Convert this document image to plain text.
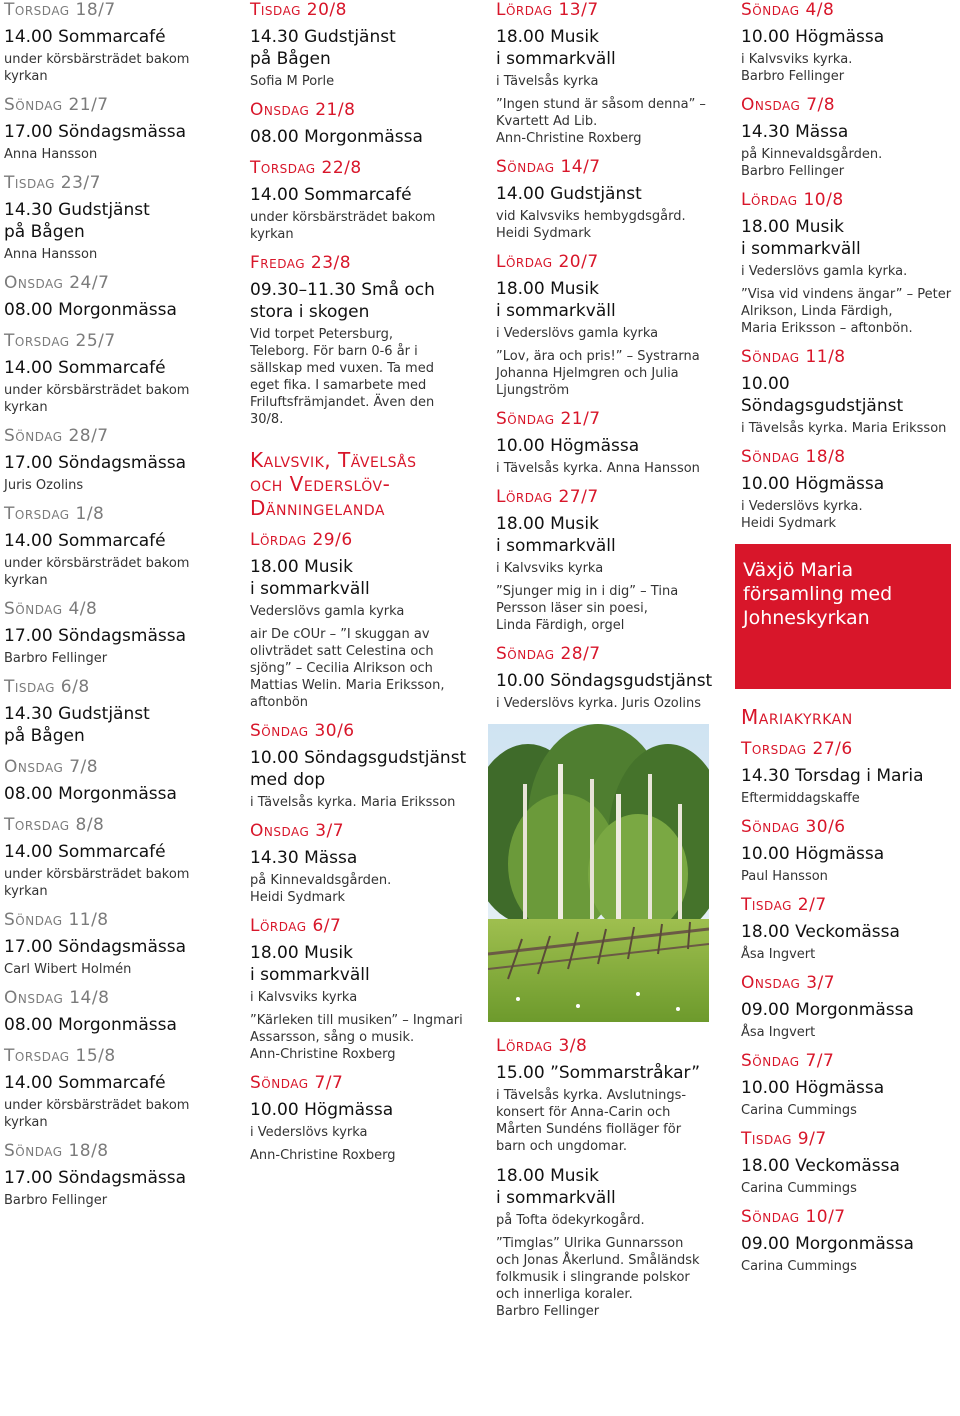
Torsdag 18/7
14.00 Sommarcafé
under körsbärsträdet bakom
kyrkan
Söndag 21/7
17.00 Söndagsmässa
Anna Hansson
Tisdag 23/7
14.30 Gudstjänst
på Bågen
Anna Hansson
Onsdag 24/7
08.00 Morgonmässa
Torsdag 25/7
14.00 Sommarcafé
under körsbärsträdet bakom
kyrkan
Söndag 28/7
17.00 Söndagsmässa
Juris Ozolins
Torsdag 1/8
14.00 Sommarcafé
under körsbärsträdet bakom
kyrkan
Söndag 4/8
17.00 Söndagsmässa
Barbro Fellinger
Tisdag 6/8
14.30 Gudstjänst
på Bågen
Onsdag 7/8
08.00 Morgonmässa
Torsdag 8/8
14.00 Sommarcafé
under körsbärsträdet bakom
kyrkan
Söndag 11/8
17.00 Söndagsmässa
Carl Wibert Holmén
Onsdag 14/8
08.00 Morgonmässa
Torsdag 15/8
14.00 Sommarcafé
under körsbärsträdet bakom
kyrkan
Söndag 18/8
17.00 Söndagsmässa
Barbro Fellinger
Tisdag 20/8
14.30 Gudstjänst
på Bågen
Sofia M Porle
Onsdag 21/8
08.00 Morgonmässa
Torsdag 22/8
14.00 Sommarcafé
under körsbärsträdet bakom
kyrkan
Fredag 23/8
09.30–11.30 Små och
stora i skogen
Vid torpet Petersburg,
Teleborg. För barn 0-6 år i
sällskap med vuxen. Ta med
eget fika. I samarbete med
Friluftsfrämjandet. Även den
30/8.
Kalvsvik, Tävelsås
och Vederslöv-
Dänningelanda
Lördag 29/6
18.00 Musik
i sommarkväll
Vederslövs gamla kyrka
air De cOUr – ”I skuggan av
olivträdet satt Celestina och
sjöng” – Cecilia Alrikson och
Mattias Welin. Maria Eriksson,
aftonbön
Söndag 30/6
10.00 Söndagsgudstjänst
med dop
i Tävelsås kyrka. Maria Eriksson
Onsdag 3/7
14.30 Mässa
på Kinnevaldsgården.
Heidi Sydmark
Lördag 6/7
18.00 Musik
i sommarkväll
i Kalvsviks kyrka
”Kärleken till musiken” – Ingmari
Assarsson, sång o musik.
Ann-Christine Roxberg
Söndag 7/7
10.00 Högmässa
i Vederslövs kyrka
Ann-Christine Roxberg
Lördag 13/7
18.00 Musik
i sommarkväll
i Tävelsås kyrka
”Ingen stund är såsom denna” –
Kvartett Ad Lib.
Ann-Christine Roxberg
Söndag 14/7
14.00 Gudstjänst
vid Kalvsviks hembygdsgård.
Heidi Sydmark
Lördag 20/7
18.00 Musik
i sommarkväll
i Vederslövs gamla kyrka
”Lov, ära och pris!” – Systrarna
Johanna Hjelmgren och Julia
Ljungström
Söndag 21/7
10.00 Högmässa
i Tävelsås kyrka. Anna Hansson
Lördag 27/7
18.00 Musik
i sommarkväll
i Kalvsviks kyrka
”Sjunger mig in i dig” – Tina
Persson läser sin poesi,
Linda Färdigh, orgel
Söndag 28/7
10.00 Söndagsgudstjänst
i Vederslövs kyrka. Juris Ozolins
Lördag 3/8
15.00 ”Sommarstråkar”
i Tävelsås kyrka. Avslutnings-
konsert för Anna-Carin och
Mårten Sundéns fiolläger för
barn och ungdomar.
18.00 Musik
i sommarkväll
på Tofta ödekyrkogård.
”Timglas” Ulrika Gunnarsson
och Jonas Åkerlund. Småländsk
folkmusik i slingrande polskor
och innerliga koraler.
Barbro Fellinger
Söndag 4/8
10.00 Högmässa
i Kalvsviks kyrka.
Barbro Fellinger
Onsdag 7/8
14.30 Mässa
på Kinnevaldsgården.
Barbro Fellinger
Lördag 10/8
18.00 Musik
i sommarkväll
i Vederslövs gamla kyrka.
”Visa vid vindens ängar” – Peter
Alrikson, Linda Färdigh,
Maria Eriksson – aftonbön.
Söndag 11/8
10.00 Söndagsgudstjänst
i Tävelsås kyrka. Maria Eriksson
Söndag 18/8
10.00 Högmässa
i Vederslövs kyrka.
Heidi Sydmark
Växjö Maria
församling med
Johneskyrkan
Mariakyrkan
Torsdag 27/6
14.30 Torsdag i Maria
Eftermiddagskaffe
Söndag 30/6
10.00 Högmässa
Paul Hansson
Tisdag 2/7
18.00 Veckomässa
Åsa Ingvert
Onsdag 3/7
09.00 Morgonmässa
Åsa Ingvert
Söndag 7/7
10.00 Högmässa
Carina Cummings
Tisdag 9/7
18.00 Veckomässa
Carina Cummings
Söndag 10/7
09.00 Morgonmässa
Carina Cummings
